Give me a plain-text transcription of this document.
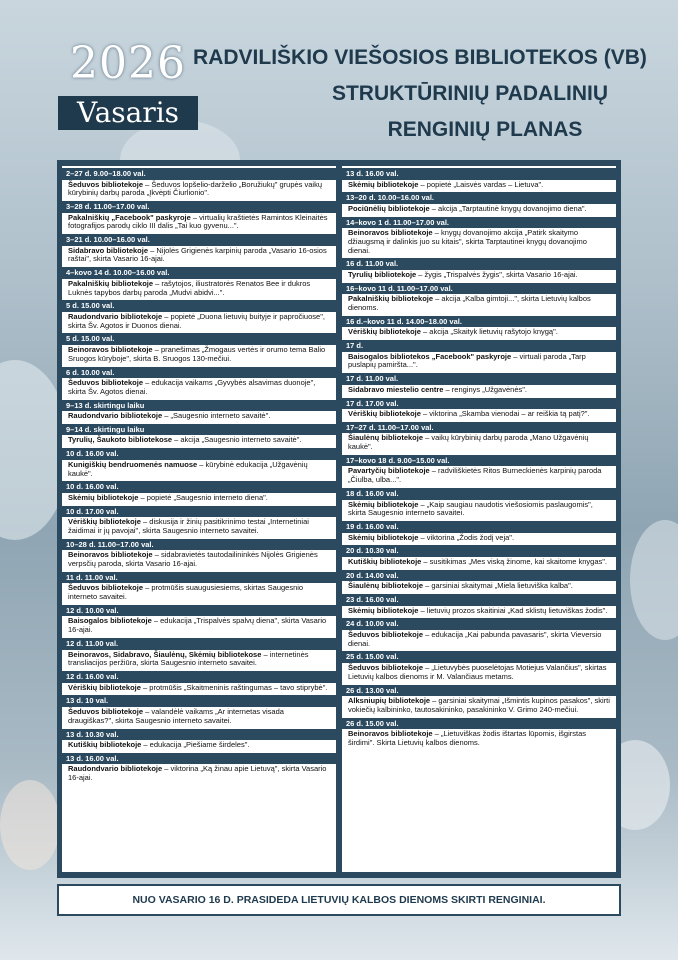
2026
Vasaris
RADVILIŠKIO VIEŠOSIOS BIBLIOTEKOS (VB)
STRUKTŪRINIŲ PADALINIŲ
RENGINIŲ PLANAS
2–27 d. 9.00–18.00 val.
Šeduvos bibliotekoje – Šeduvos lopšelio-darželio „Boružiukų" grupės vaikų kūrybinių darbų paroda „Įkvėpti Čiurlionio".
3–28 d. 11.00–17.00 val.
Pakalniškių „Facebook" paskyroje – virtualių kraštietės Ramintos Kleinaitės fotografijos parodų ciklo III dalis „Tai kuo gyvenu...".
3–21 d. 10.00–16.00 val.
Sidabravo bibliotekoje – Nijolės Grigienės karpinių paroda „Vasario 16-osios raštai", skirta Vasario 16-ajai.
4–kovo 14 d. 10.00–16.00 val.
Pakalniškių bibliotekoje – rašytojos, iliustratorės Renatos Bee ir dukros Luknės tapybos darbų paroda „Mudvi abidvi...".
5 d. 15.00 val.
Raudondvario bibliotekoje – popietė „Duona lietuvių buityje ir papročiuose", skirta Šv. Agotos ir Duonos dienai.
5 d. 15.00 val.
Beinoravos bibliotekoje – pranešimas „Žmogaus vertės ir orumo tema Balio Sruogos kūryboje", skirta B. Sruogos 130-mečiui.
6 d. 10.00 val.
Šeduvos bibliotekoje – edukacija vaikams „Gyvybės alsavimas duonoje", skirta Šv. Agotos dienai.
9–13 d. skirtingu laiku
Raudondvario bibliotekoje – „Saugesnio interneto savaitė".
9–14 d. skirtingu laiku
Tyrulių, Šaukoto bibliotekose – akcija „Saugesnio interneto savaitė".
10 d. 16.00 val.
Kunigiškių bendruomenės namuose – kūrybinė edukacija „Užgavėnių kaukė".
10 d. 16.00 val.
Skėmių bibliotekoje – popietė „Saugesnio interneto diena".
10 d. 17.00 val.
Vėriškių bibliotekoje – diskusija ir žinių pasitikrinimo testai „Internetiniai žaidimai ir jų pavojai", skirta Saugesnio interneto savaitei.
10–28 d. 11.00–17.00 val.
Beinoravos bibliotekoje – sidabravietės tautodailininkės Nijolės Grigienės verpsčių paroda, skirta Vasario 16-ajai.
11 d. 11.00 val.
Šeduvos bibliotekoje – protmūšis suaugusiesiems, skirtas Saugesnio interneto savaitei.
12 d. 10.00 val.
Baisogalos bibliotekoje – edukacija „Trispalvės spalvų diena", skirta Vasario 16-ajai.
12 d. 11.00 val.
Beinoravos, Sidabravo, Šiaulėnų, Skėmių bibliotekose – internetinės transliacijos peržiūra, skirta Saugesnio interneto savaitei.
12 d. 16.00 val.
Vėriškių bibliotekoje – protmūšis „Skaitmeninis raštingumas – tavo stiprybė".
13 d. 10 val.
Šeduvos bibliotekoje – valandėlė vaikams „Ar internetas visada draugiškas?", skirta Saugesnio interneto savaitei.
13 d. 10.30 val.
Kutiškių bibliotekoje – edukacija „Piešiame širdeles".
13 d. 16.00 val.
Raudondvario bibliotekoje – viktorina „Ką žinau apie Lietuvą", skirta Vasario 16-ajai.
13 d. 16.00 val.
Skėmių bibliotekoje – popietė „Laisvės vardas – Lietuva".
13–20 d. 10.00–16.00 val.
Pociūnėlių bibliotekoje – akcija „Tarptautinė knygų dovanojimo diena".
14–kovo 1 d. 11.00–17.00 val.
Beinoravos bibliotekoje – knygų dovanojimo akcija „Patirk skaitymo džiaugsmą ir dalinkis juo su kitais", skirta Tarptautinei knygų dovanojimo dienai.
16 d. 11.00 val.
Tyrulių bibliotekoje – žygis „Trispalvės žygis", skirta Vasario 16-ajai.
16–kovo 11 d. 11.00–17.00 val.
Pakalniškių bibliotekoje – akcija „Kalba gimtoji...", skirta Lietuvių kalbos dienoms.
16 d.–kovo 11 d. 14.00–18.00 val.
Vėriškių bibliotekoje – akcija „Skaityk lietuvių rašytojo knygą".
17 d.
Baisogalos bibliotekos „Facebook" paskyroje – virtuali paroda „Tarp puslapių pamiršta...".
17 d. 11.00 val.
Sidabravo miestelio centre – renginys „Užgavėnės".
17 d. 17.00 val.
Vėriškių bibliotekoje – viktorina „Skamba vienodai – ar reiškia tą patį?".
17–27 d. 11.00–17.00 val.
Šiaulėnų bibliotekoje – vaikų kūrybinių darbų paroda „Mano Užgavėnių kaukė".
17–kovo 18 d. 9.00–15.00 val.
Pavartyčių bibliotekoje – radviliškietės Ritos Burneckienės karpinių paroda „Čiulba, ulba...".
18 d. 16.00 val.
Skėmių bibliotekoje – „Kaip saugiau naudotis viešosiomis paslaugomis", skirta Saugesnio interneto savaitei.
19 d. 16.00 val.
Skėmių bibliotekoje – viktorina „Žodis žodį veja".
20 d. 10.30 val.
Kutiškių bibliotekoje – susitikimas „Mes viską žinome, kai skaitome knygas".
20 d. 14.00 val.
Šiaulėnų bibliotekoje – garsiniai skaitymai „Miela lietuviška kalba".
23 d. 16.00 val.
Skėmių bibliotekoje – lietuvių prozos skaitiniai „Kad sklistų lietuviškas žodis".
24 d. 10.00 val.
Šeduvos bibliotekoje – edukacija „Kai pabunda pavasaris", skirta Vieversio dienai.
25 d. 15.00 val.
Šeduvos bibliotekoje – „Lietuvybės puoselėtojas Motiejus Valančius", skirtas Lietuvių kalbos dienoms ir M. Valančiaus metams.
26 d. 13.00 val.
Alksniupių bibliotekoje – garsiniai skaitymai „Išmintis kupinos pasakos", skirti vokiečių kalbininko, tautosakininko, pasakininko V. Grimo 240-mečiui.
26 d. 15.00 val.
Beinoravos bibliotekoje – „Lietuviškas žodis ištartas lūpomis, išgirstas širdimi". Skirta Lietuvių kalbos dienoms.
NUO VASARIO 16 D. PRASIDEDA LIETUVIŲ KALBOS DIENOMS SKIRTI RENGINIAI.
